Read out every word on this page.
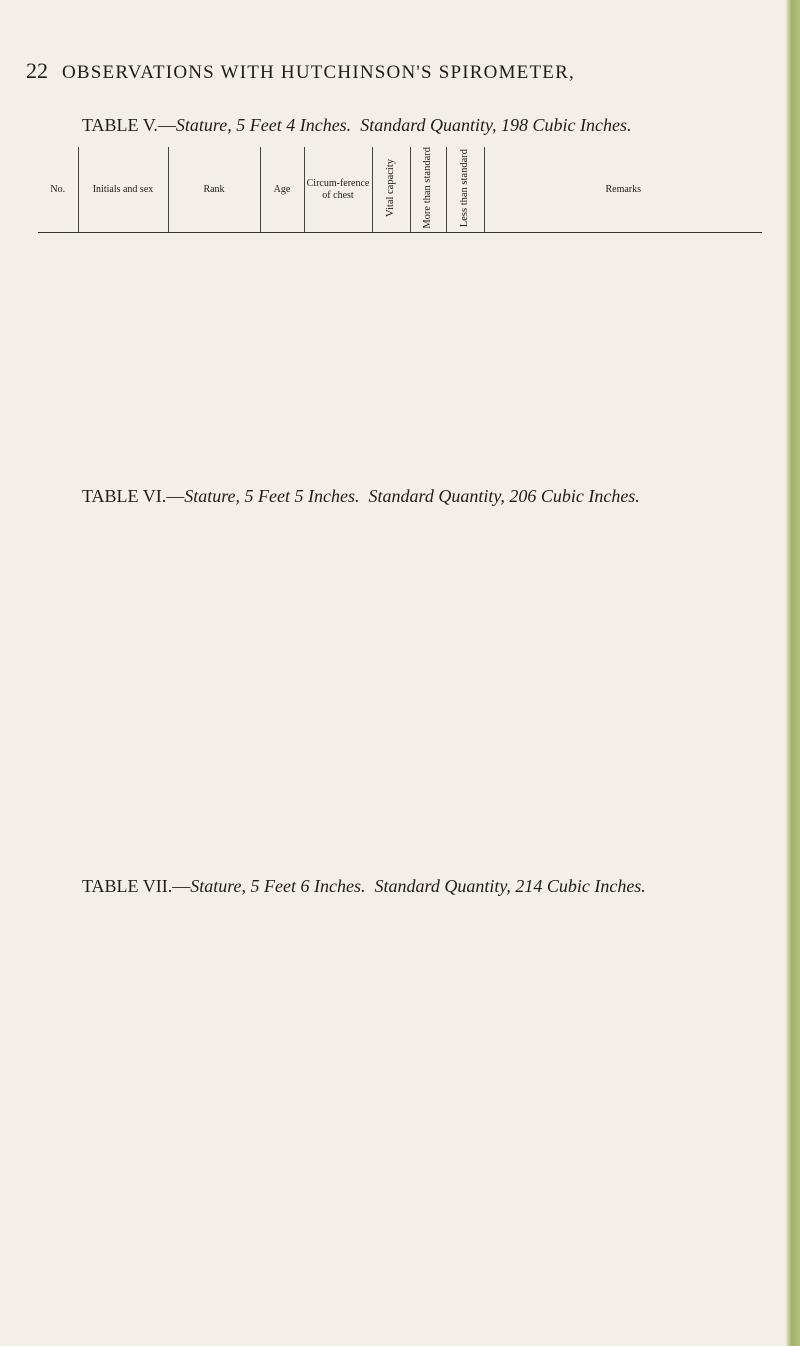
22 OBSERVATIONS WITH HUTCHINSON'S SPIROMETER,
TABLE V.—Stature, 5 Feet 4 Inches. Standard Quantity, 198 Cubic Inches.
TABLE VI.—Stature, 5 Feet 5 Inches. Standard Quantity, 206 Cubic Inches.
TABLE VII.—Stature, 5 Feet 6 Inches. Standard Quantity, 214 Cubic Inches.
No.	Initials and sex	Rank	Age	Circum-ference of chest	Vital capacity	More than standard	Less than standard	Remarks
